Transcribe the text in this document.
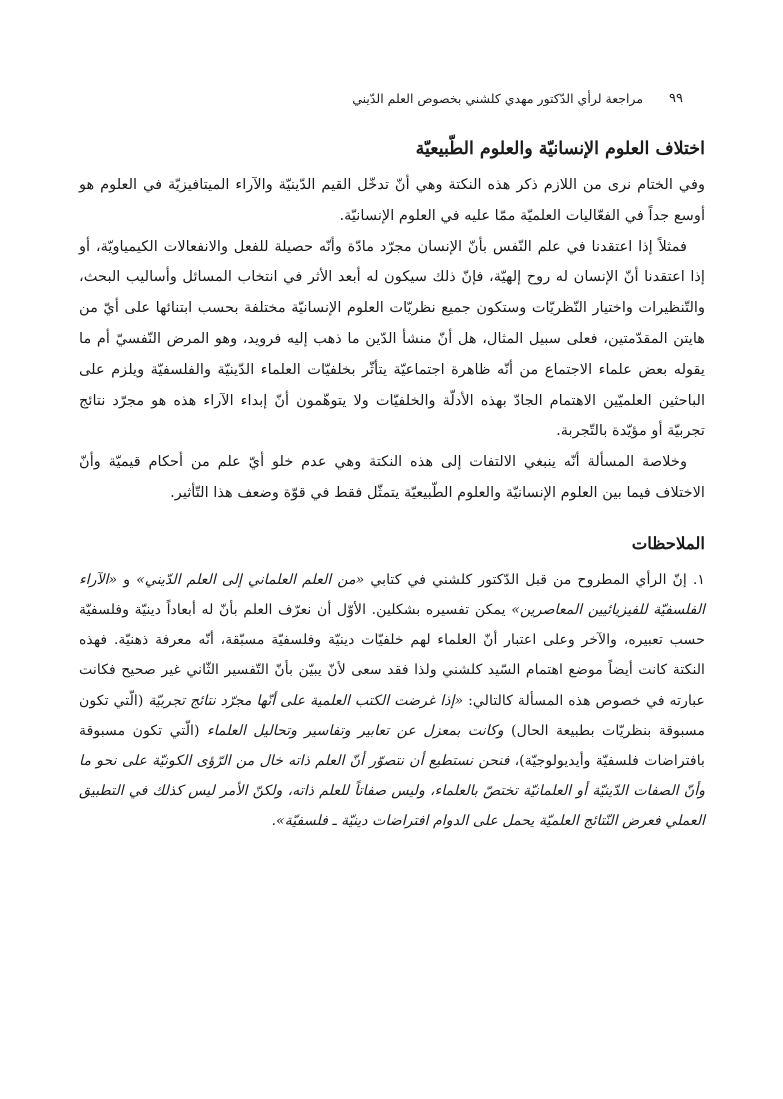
٩٩
مراجعة لرأي الدّكتور مهدي كلشني بخصوص العلم الدّيني
اختلاف العلوم الإنسانيّة والعلوم الطّبيعيّة

وفي الختام نرى من اللازم ذكر هذه النكتة وهي أنّ تدخّل القيم الدّينيّة والآراء الميتافيزيّة في العلوم هو أوسع جداً في الفعّاليات العلميّة ممّا عليه في العلوم الإنسانيّة.

فمثلاً إذا اعتقدنا في علم النّفس بأنّ الإنسان مجرّد مادّة وأنّه حصيلة للفعل والانفعالات الكيمياويّة، أو إذا اعتقدنا أنّ الإنسان له روح إلهيّة، فإنّ ذلك سيكون له أبعد الأثر في انتخاب المسائل وأساليب البحث، والتّنظيرات واختيار النّظريّات وستكون جميع نظريّات العلوم الإنسانيّة مختلفة بحسب ابتنائها على أيّ من هايتن المقدّمتين، فعلى سبيل المثال، هل أنّ منشأ الدّين ما ذهب إليه فرويد، وهو المرض النّفسيّ أم ما يقوله بعض علماء الاجتماع من أنّه ظاهرة اجتماعيّة يتأثّر بخلفيّات العلماء الدّينيّة والفلسفيّة ويلزم على الباحثين العلميّين الاهتمام الجادّ بهذه الأدلّة والخلفيّات ولا يتوهّمون أنّ إبداء الآراء هذه هو مجرّد نتائج تجربيّة أو مؤيّدة بالتّجربة.

وخلاصة المسألة أنّه ينبغي الالتفات إلى هذه النكتة وهي عدم خلو أيّ علم من أحكام قيميّة وأنّ الاختلاف فيما بين العلوم الإنسانيّة والعلوم الطّبيعيّة يتمثّل فقط في قوّة وضعف هذا التّأثير.

الملاحظات

١. إنّ الرأي المطروح من قبل الدّكتور كلشني في كتابي «من العلم العلماني إلى العلم الدّيني» و «الآراء الفلسفيّة للفيزيائيين المعاصرين» يمكن تفسيره بشكلين. الأوّل أن نعرّف العلم بأنّ له أبعاداً دينيّة وفلسفيّة حسب تعبيره، والآخر وعلى اعتبار أنّ العلماء لهم خلفيّات دينيّة وفلسفيّة مسبّقة، أنّه معرفة ذهنيّة. فهذه النكتة كانت أيضاً موضع اهتمام السّيد كلشني ولذا فقد سعى لأنّ يبيّن بأنّ التّفسير الثّاني غير صحيح فكانت عبارته في خصوص هذه المسألة كالتالي: «إذا غرضت الكتب العلمية على أنّها مجرّد نتائج تجربيّة (الّتي تكون مسبوقة بنظريّات بطبيعة الحال) وكانت بمعزل عن تعابير وتفاسير وتحاليل العلماء (الّتي تكون مسبوقة بافتراضات فلسفيّة وأيديولوجيّة)، فنحن نستطيع أن نتصوّر أنّ العلم ذاته خال من الرّؤى الكونيّة على نحو ما وأنّ الصفات الدّينيّة أو العلمانيّة تختصّ بالعلماء، وليس صفاتاً للعلم ذاته، ولكنّ الأمر ليس كذلك في التطبيق العملي فعرض النّتائج العلميّة يحمل على الدوام افتراضات دينيّة ـ فلسفيّة».
